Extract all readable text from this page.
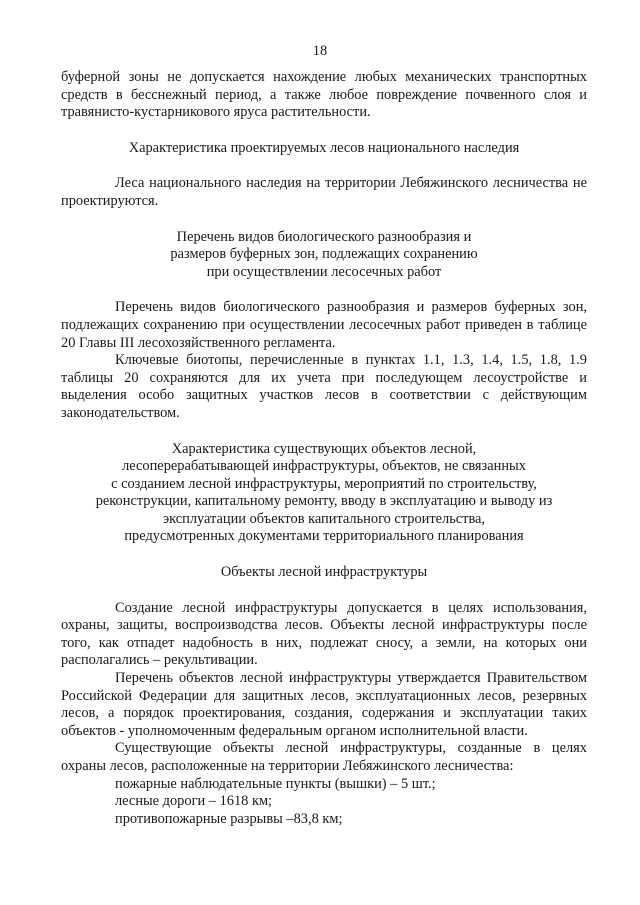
18

буферной зоны не допускается нахождение любых механических транспортных средств в бесснежный период, а также любое повреждение почвенного слоя и травянисто-кустарникового яруса растительности.

Характеристика проектируемых лесов национального наследия

Леса национального наследия на территории Лебяжинского лесничества не проектируются.

Перечень видов биологического разнообразия и
размеров буферных зон, подлежащих сохранению
при осуществлении лесосечных работ

Перечень видов биологического разнообразия и размеров буферных зон, подлежащих сохранению при осуществлении лесосечных работ приведен в таблице 20 Главы III лесохозяйственного регламента.

Ключевые биотопы, перечисленные в пунктах 1.1, 1.3, 1.4, 1.5, 1.8, 1.9 таблицы 20 сохраняются для их учета при последующем лесоустройстве и выделения особо защитных участков лесов в соответствии с действующим законодательством.

Характеристика существующих объектов лесной,
лесоперерабатывающей инфраструктуры, объектов, не связанных
с созданием лесной инфраструктуры, мероприятий по строительству,
реконструкции, капитальному ремонту, вводу в эксплуатацию и выводу из
эксплуатации объектов капитального строительства,
предусмотренных документами территориального планирования

Объекты лесной инфраструктуры

Создание лесной инфраструктуры допускается в целях использования, охраны, защиты, воспроизводства лесов. Объекты лесной инфраструктуры после того, как отпадет надобность в них, подлежат сносу, а земли, на которых они располагались – рекультивации.

Перечень объектов лесной инфраструктуры утверждается Правительством Российской Федерации для защитных лесов, эксплуатационных лесов, резервных лесов, а порядок проектирования, создания, содержания и эксплуатации таких объектов - уполномоченным федеральным органом исполнительной власти.

Существующие объекты лесной инфраструктуры, созданные в целях охраны лесов, расположенные на территории Лебяжинского лесничества:

пожарные наблюдательные пункты (вышки) – 5 шт.;

лесные дороги – 1618 км;

противопожарные разрывы –83,8 км;
